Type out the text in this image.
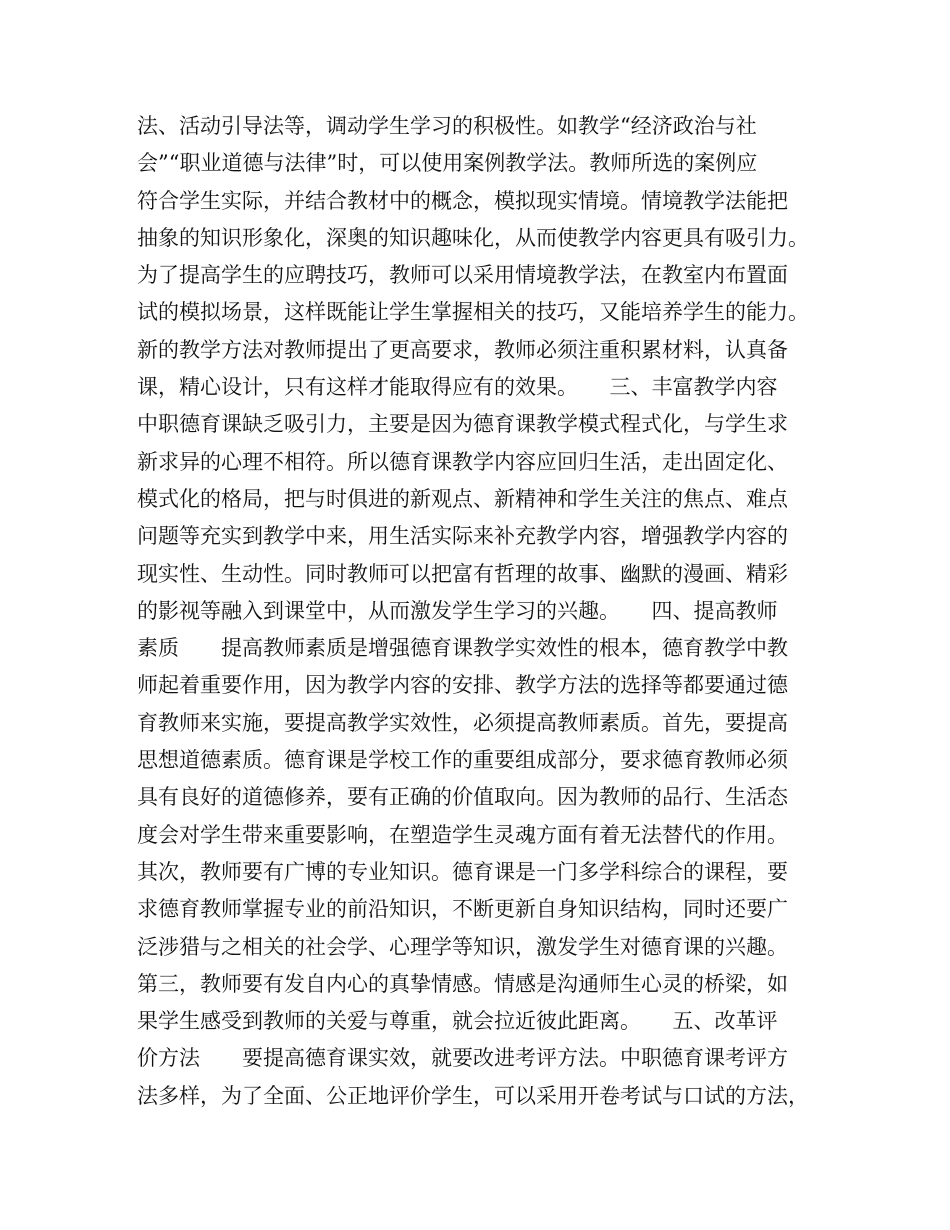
法、活动引导法等，调动学生学习的积极性。如教学“经济政治与社
会”“职业道德与法律”时，可以使用案例教学法。教师所选的案例应
符合学生实际，并结合教材中的概念，模拟现实情境。情境教学法能把
抽象的知识形象化，深奥的知识趣味化，从而使教学内容更具有吸引力。
为了提高学生的应聘技巧，教师可以采用情境教学法，在教室内布置面
试的模拟场景，这样既能让学生掌握相关的技巧，又能培养学生的能力。
新的教学方法对教师提出了更高要求，教师必须注重积累材料，认真备
课，精心设计，只有这样才能取得应有的效果。　　三、丰富教学内容
中职德育课缺乏吸引力，主要是因为德育课教学模式程式化，与学生求
新求异的心理不相符。所以德育课教学内容应回归生活，走出固定化、
模式化的格局，把与时俱进的新观点、新精神和学生关注的焦点、难点
问题等充实到教学中来，用生活实际来补充教学内容，增强教学内容的
现实性、生动性。同时教师可以把富有哲理的故事、幽默的漫画、精彩
的影视等融入到课堂中，从而激发学生学习的兴趣。　　四、提高教师
素质　　提高教师素质是增强德育课教学实效性的根本，德育教学中教
师起着重要作用，因为教学内容的安排、教学方法的选择等都要通过德
育教师来实施，要提高教学实效性，必须提高教师素质。首先，要提高
思想道德素质。德育课是学校工作的重要组成部分，要求德育教师必须
具有良好的道德修养，要有正确的价值取向。因为教师的品行、生活态
度会对学生带来重要影响，在塑造学生灵魂方面有着无法替代的作用。
其次，教师要有广博的专业知识。德育课是一门多学科综合的课程，要
求德育教师掌握专业的前沿知识，不断更新自身知识结构，同时还要广
泛涉猎与之相关的社会学、心理学等知识，激发学生对德育课的兴趣。
第三，教师要有发自内心的真挚情感。情感是沟通师生心灵的桥梁，如
果学生感受到教师的关爱与尊重，就会拉近彼此距离。　　五、改革评
价方法　　要提高德育课实效，就要改进考评方法。中职德育课考评方
法多样，为了全面、公正地评价学生，可以采用开卷考试与口试的方法，
